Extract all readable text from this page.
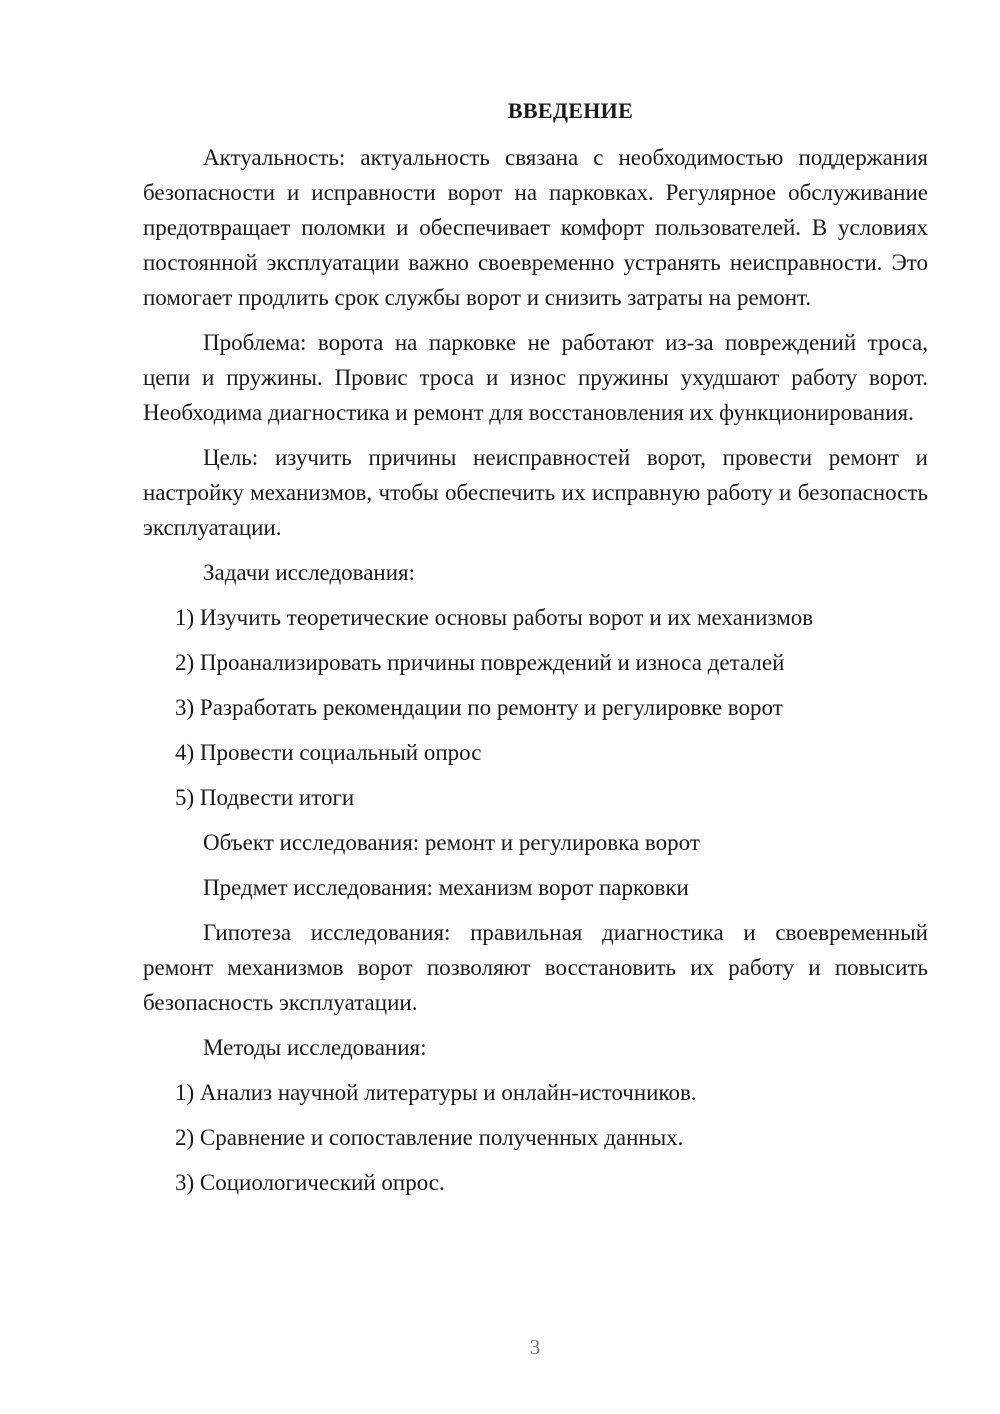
ВВЕДЕНИЕ

Актуальность: актуальность связана с необходимостью поддержания безопасности и исправности ворот на парковках. Регулярное обслуживание предотвращает поломки и обеспечивает комфорт пользователей. В условиях постоянной эксплуатации важно своевременно устранять неисправности. Это помогает продлить срок службы ворот и снизить затраты на ремонт.

Проблема: ворота на парковке не работают из-за повреждений троса, цепи и пружины. Провис троса и износ пружины ухудшают работу ворот. Необходима диагностика и ремонт для восстановления их функционирования.

Цель: изучить причины неисправностей ворот, провести ремонт и настройку механизмов, чтобы обеспечить их исправную работу и безопасность эксплуатации.

Задачи исследования:

1) Изучить теоретические основы работы ворот и их механизмов

2) Проанализировать причины повреждений и износа деталей

3) Разработать рекомендации по ремонту и регулировке ворот

4) Провести социальный опрос

5) Подвести итоги

Объект исследования: ремонт и регулировка ворот

Предмет исследования: механизм ворот парковки

Гипотеза исследования: правильная диагностика и своевременный ремонт механизмов ворот позволяют восстановить их работу и повысить безопасность эксплуатации.

Методы исследования:

1) Анализ научной литературы и онлайн-источников.

2) Сравнение и сопоставление полученных данных.

3) Социологический опрос.

3
